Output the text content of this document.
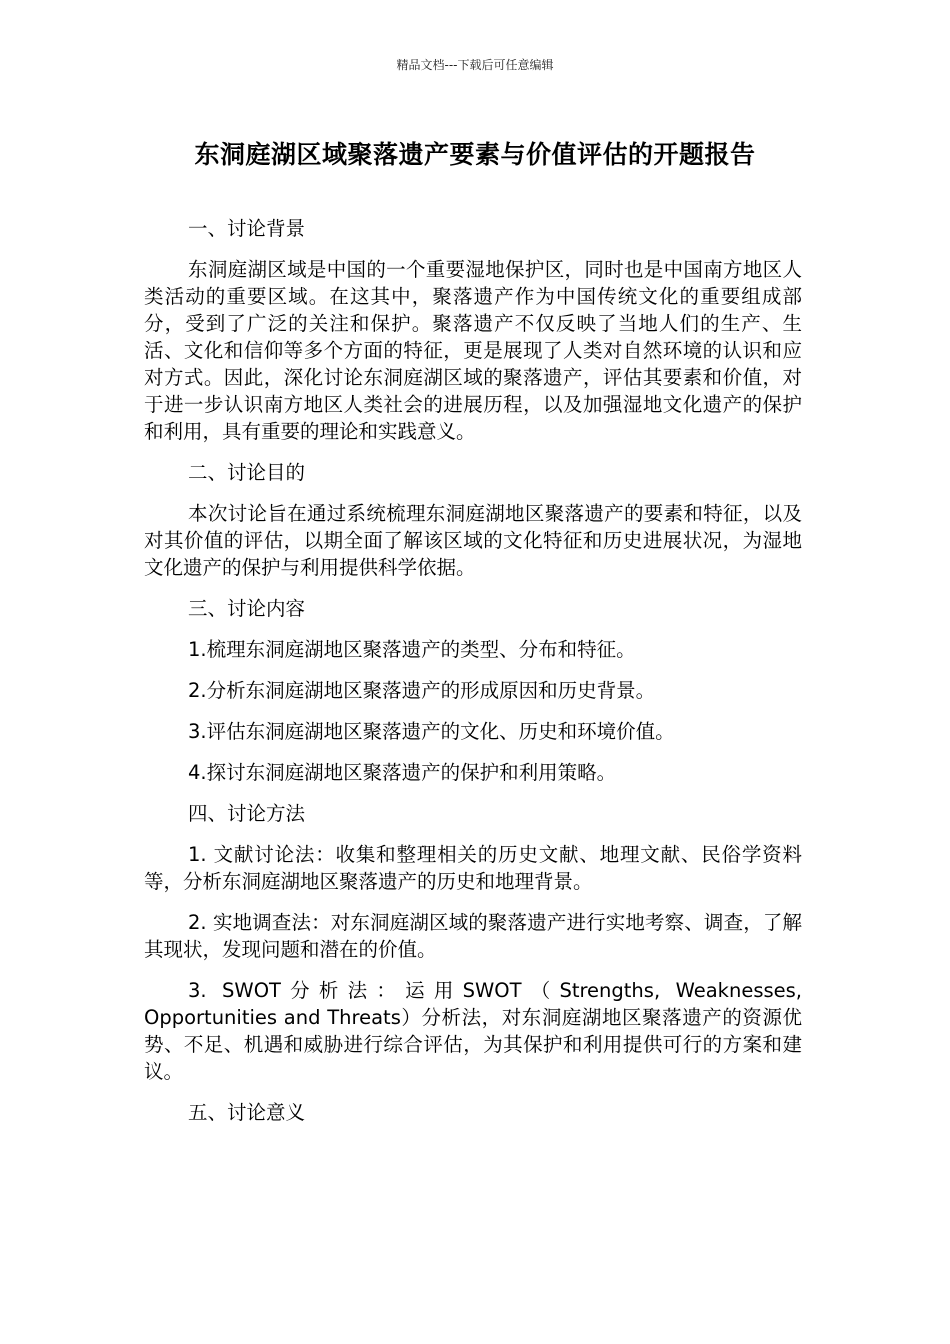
精品文档---下载后可任意编辑
东洞庭湖区域聚落遗产要素与价值评估的开题报告

一、讨论背景

东洞庭湖区域是中国的一个重要湿地保护区，同时也是中国南方地区人类活动的重要区域。在这其中，聚落遗产作为中国传统文化的重要组成部分，受到了广泛的关注和保护。聚落遗产不仅反映了当地人们的生产、生活、文化和信仰等多个方面的特征，更是展现了人类对自然环境的认识和应对方式。因此，深化讨论东洞庭湖区域的聚落遗产，评估其要素和价值，对于进一步认识南方地区人类社会的进展历程，以及加强湿地文化遗产的保护和利用，具有重要的理论和实践意义。

二、讨论目的

本次讨论旨在通过系统梳理东洞庭湖地区聚落遗产的要素和特征，以及对其价值的评估，以期全面了解该区域的文化特征和历史进展状况，为湿地文化遗产的保护与利用提供科学依据。

三、讨论内容

1.梳理东洞庭湖地区聚落遗产的类型、分布和特征。

2.分析东洞庭湖地区聚落遗产的形成原因和历史背景。

3.评估东洞庭湖地区聚落遗产的文化、历史和环境价值。

4.探讨东洞庭湖地区聚落遗产的保护和利用策略。

四、讨论方法

1. 文献讨论法：收集和整理相关的历史文献、地理文献、民俗学资料等，分析东洞庭湖地区聚落遗产的历史和地理背景。

2. 实地调查法：对东洞庭湖区域的聚落遗产进行实地考察、调查，了解其现状，发现问题和潜在的价值。

3. SWOT分析法：运用SWOT（Strengths, Weaknesses, Opportunities and Threats）分析法，对东洞庭湖地区聚落遗产的资源优势、不足、机遇和威胁进行综合评估，为其保护和利用提供可行的方案和建议。

五、讨论意义
